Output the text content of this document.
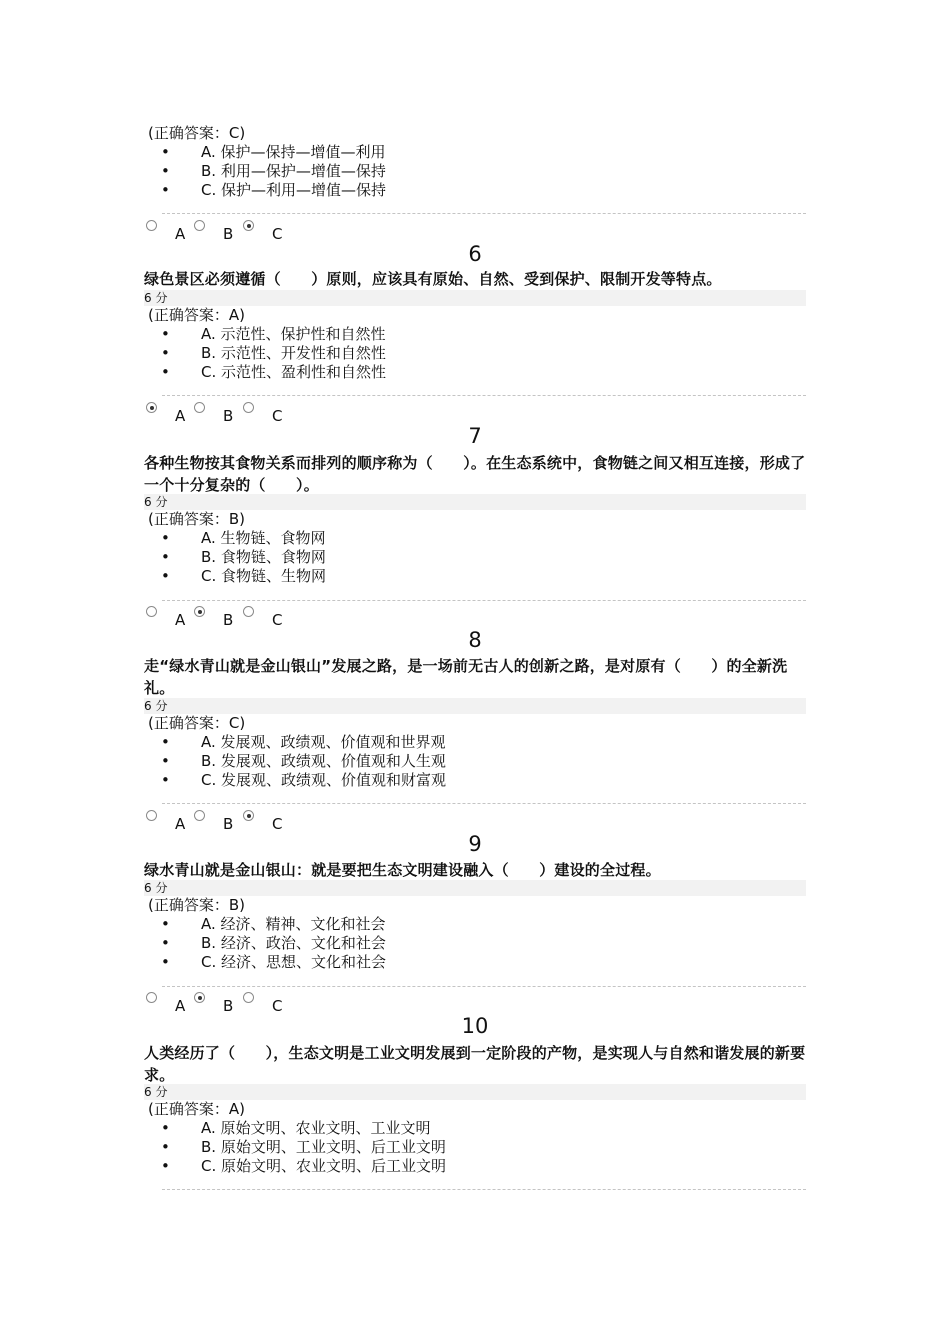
(正确答案：C)
• A. 保护—保持—增值—利用
• B. 利用—保护—增值—保持
• C. 保护—利用—增值—保持
A	B	C
6
绿色景区必须遵循（　　）原则，应该具有原始、自然、受到保护、限制开发等特点。
6 分
(正确答案：A)
• A. 示范性、保护性和自然性
• B. 示范性、开发性和自然性
• C. 示范性、盈利性和自然性
A	B	C
7
各种生物按其食物关系而排列的顺序称为（　　）。在生态系统中，食物链之间又相互连接，形成了一个十分复杂的（　　）。
6 分
(正确答案：B)
• A. 生物链、食物网
• B. 食物链、食物网
• C. 食物链、生物网
A	B	C
8
走“绿水青山就是金山银山”发展之路，是一场前无古人的创新之路，是对原有（　　）的全新洗礼。
6 分
(正确答案：C)
• A. 发展观、政绩观、价值观和世界观
• B. 发展观、政绩观、价值观和人生观
• C. 发展观、政绩观、价值观和财富观
A	B	C
9
绿水青山就是金山银山：就是要把生态文明建设融入（　　）建设的全过程。
6 分
(正确答案：B)
• A. 经济、精神、文化和社会
• B. 经济、政治、文化和社会
• C. 经济、思想、文化和社会
A	B	C
10
人类经历了（　　），生态文明是工业文明发展到一定阶段的产物，是实现人与自然和谐发展的新要求。
6 分
(正确答案：A)
• A. 原始文明、农业文明、工业文明
• B. 原始文明、工业文明、后工业文明
• C. 原始文明、农业文明、后工业文明
